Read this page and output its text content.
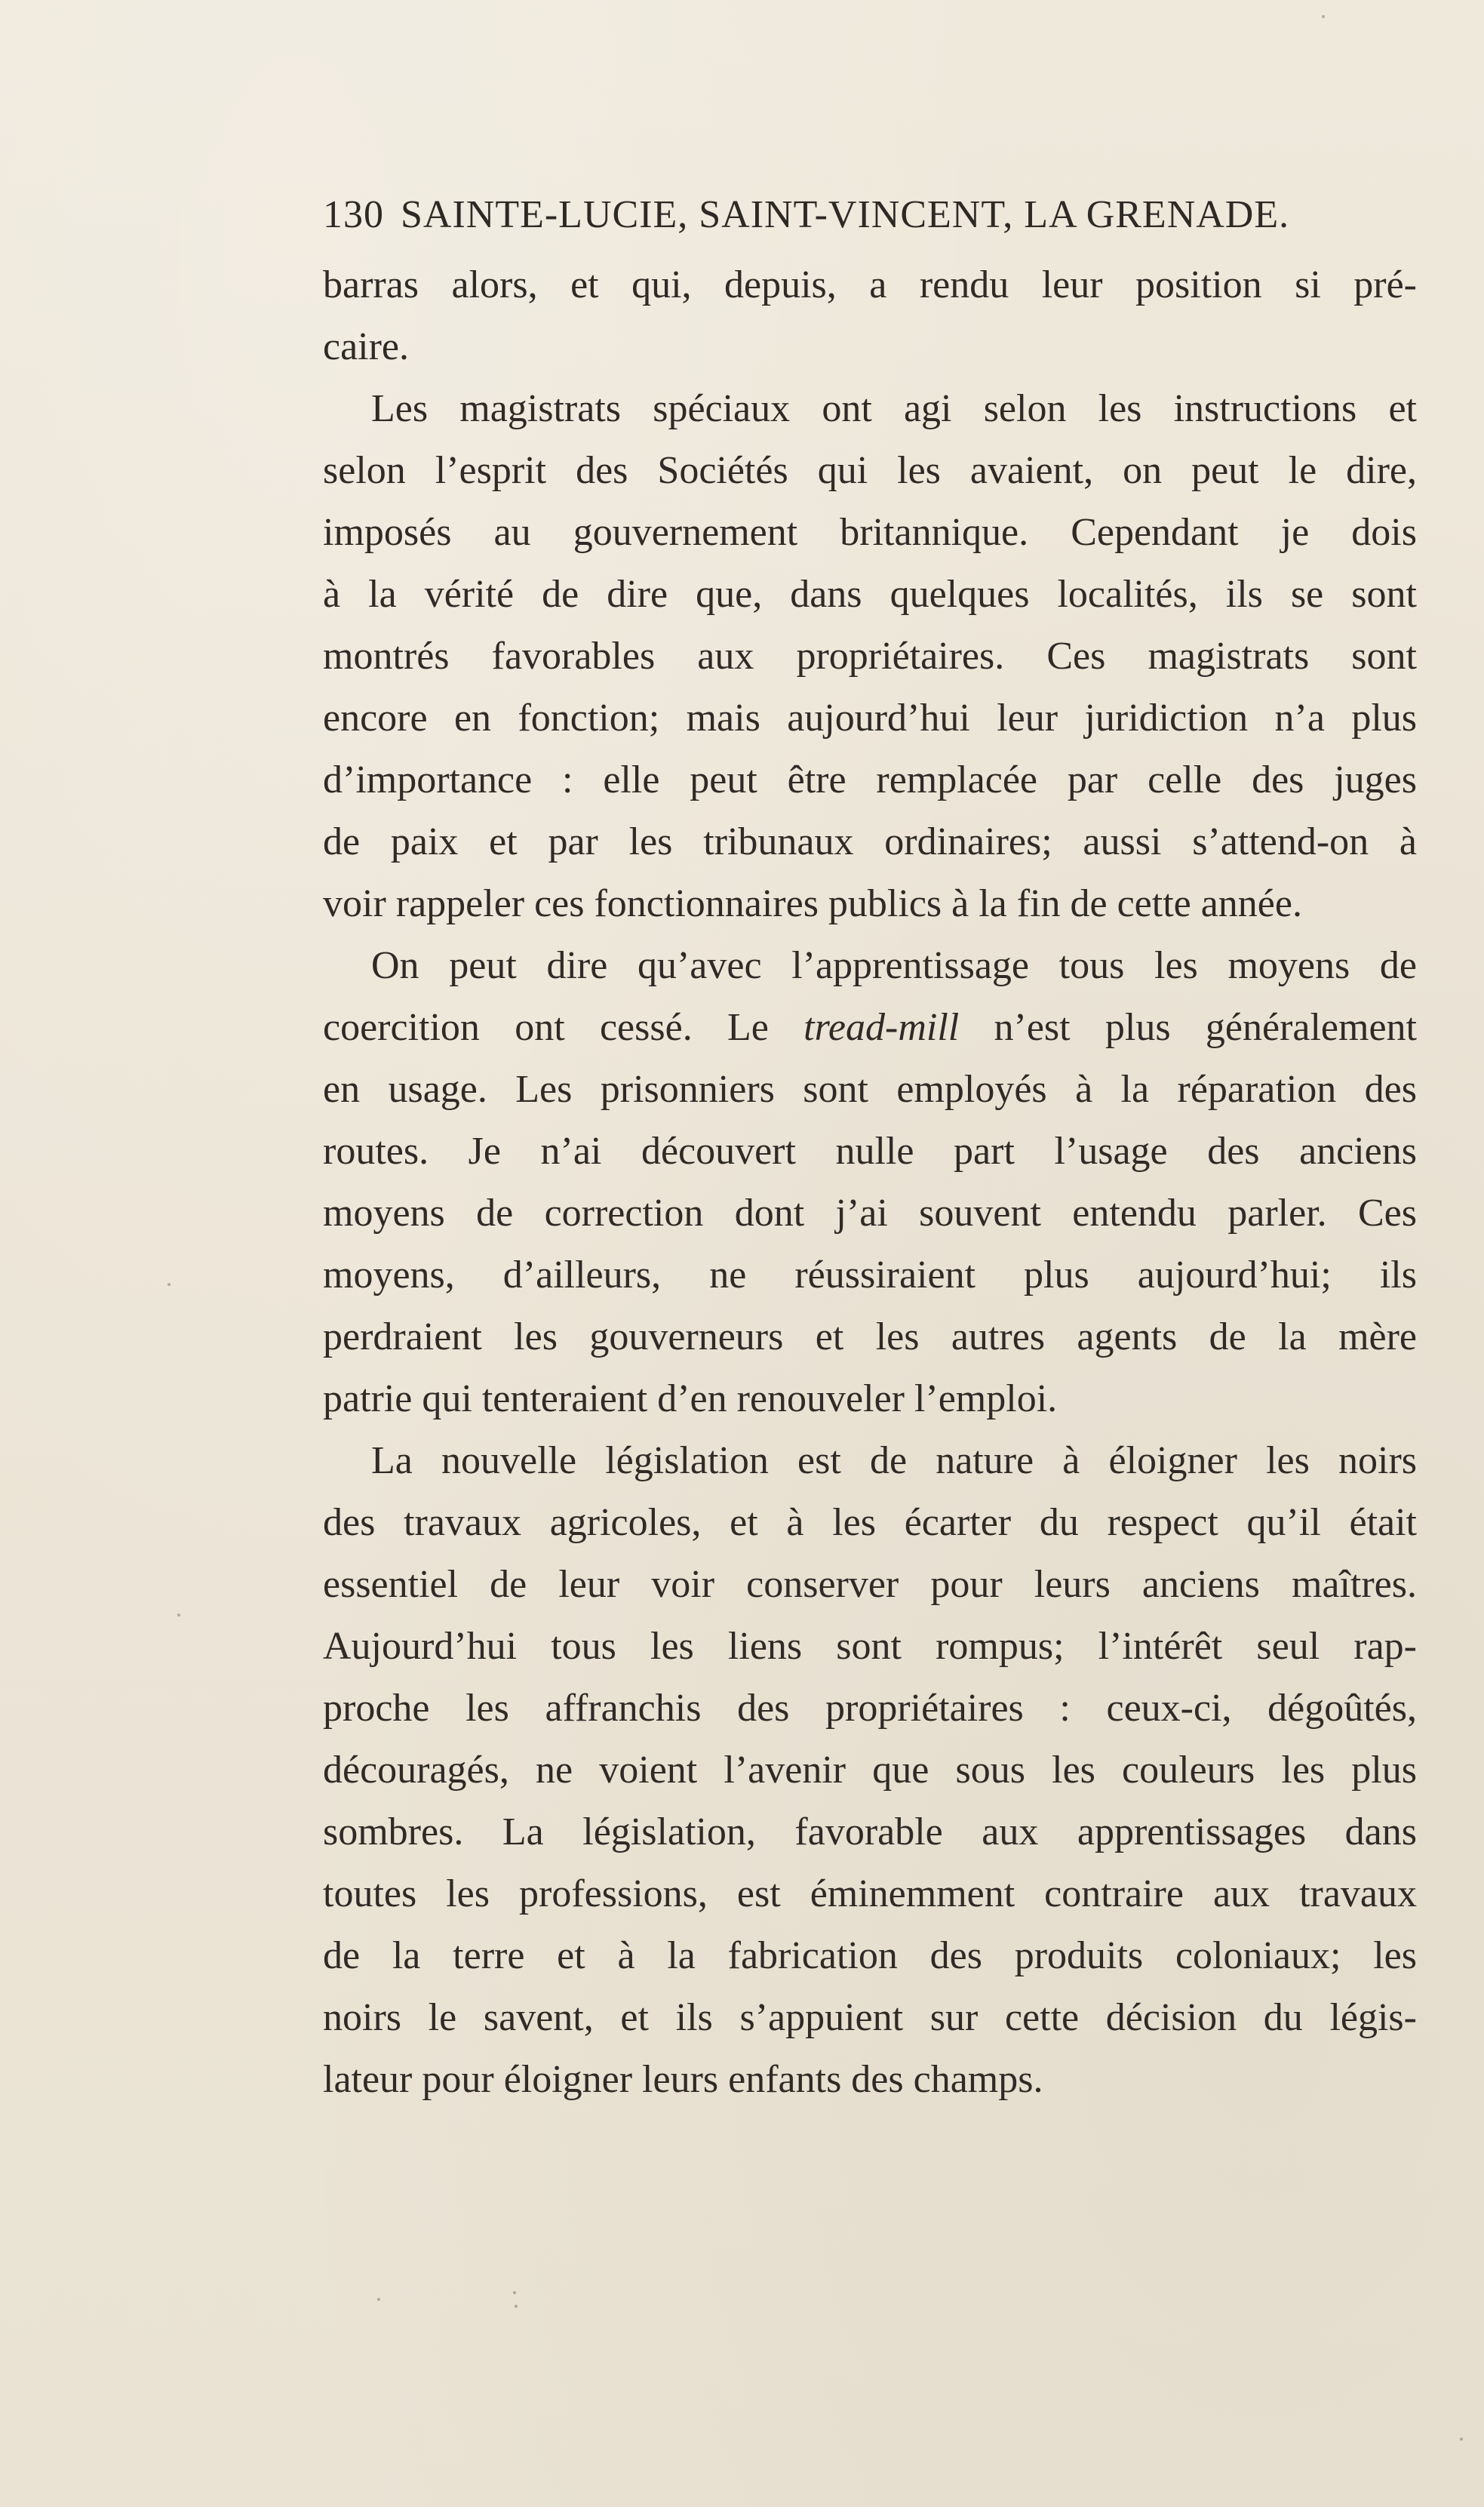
130 SAINTE-LUCIE, SAINT-VINCENT, LA GRENADE.
barras alors, et qui, depuis, a rendu leur position si pré-
caire.
Les magistrats spéciaux ont agi selon les instructions et
selon l’esprit des Sociétés qui les avaient, on peut le dire,
imposés au gouvernement britannique. Cependant je dois
à la vérité de dire que, dans quelques localités, ils se sont
montrés favorables aux propriétaires. Ces magistrats sont
encore en fonction; mais aujourd’hui leur juridiction n’a plus
d’importance : elle peut être remplacée par celle des juges
de paix et par les tribunaux ordinaires; aussi s’attend-on à
voir rappeler ces fonctionnaires publics à la fin de cette année.
On peut dire qu’avec l’apprentissage tous les moyens de
coercition ont cessé. Le tread-mill n’est plus généralement
en usage. Les prisonniers sont employés à la réparation des
routes. Je n’ai découvert nulle part l’usage des anciens
moyens de correction dont j’ai souvent entendu parler. Ces
moyens, d’ailleurs, ne réussiraient plus aujourd’hui; ils
perdraient les gouverneurs et les autres agents de la mère
patrie qui tenteraient d’en renouveler l’emploi.
La nouvelle législation est de nature à éloigner les noirs
des travaux agricoles, et à les écarter du respect qu’il était
essentiel de leur voir conserver pour leurs anciens maîtres.
Aujourd’hui tous les liens sont rompus; l’intérêt seul rap-
proche les affranchis des propriétaires : ceux-ci, dégoûtés,
découragés, ne voient l’avenir que sous les couleurs les plus
sombres. La législation, favorable aux apprentissages dans
toutes les professions, est éminemment contraire aux travaux
de la terre et à la fabrication des produits coloniaux; les
noirs le savent, et ils s’appuient sur cette décision du légis-
lateur pour éloigner leurs enfants des champs.
